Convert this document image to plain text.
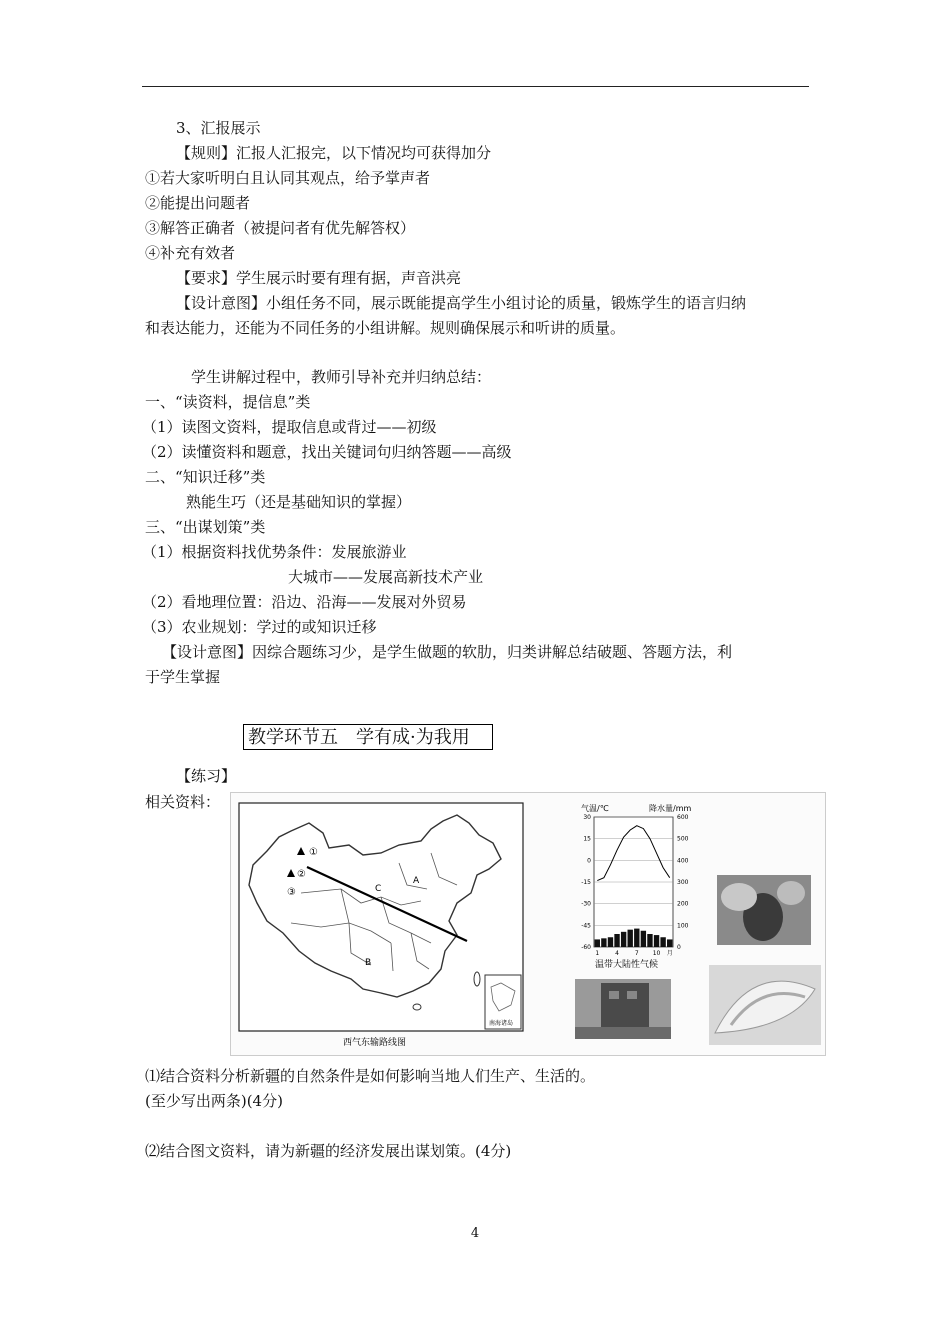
3、汇报展示
【规则】汇报人汇报完，以下情况均可获得加分
①若大家听明白且认同其观点，给予掌声者
②能提出问题者
③解答正确者（被提问者有优先解答权）
④补充有效者
【要求】学生展示时要有理有据，声音洪亮
【设计意图】小组任务不同，展示既能提高学生小组讨论的质量，锻炼学生的语言归纳
和表达能力，还能为不同任务的小组讲解。规则确保展示和听讲的质量。
学生讲解过程中，教师引导补充并归纳总结：
一、“读资料，提信息”类
（1）读图文资料，提取信息或背过——初级
（2）读懂资料和题意，找出关键词句归纳答题——高级
二、“知识迁移”类
熟能生巧（还是基础知识的掌握）
三、“出谋划策”类
（1）根据资料找优势条件：发展旅游业
大城市——发展高新技术产业
（2）看地理位置：沿边、沿海——发展对外贸易
（3）农业规划：学过的或知识迁移
【设计意图】因综合题练习少，是学生做题的软肋，归类讲解总结破题、答题方法，利
于学生掌握
【练习】
相关资料：
⑴结合资料分析新疆的自然条件是如何影响当地人们生产、生活的。
(至少写出两条)(4分)
⑵结合图文资料，请为新疆的经济发展出谋划策。(4分)
教学环节五　学有成·为我用
①
②
③
A
B
C
南海诸岛
西气东输路线图
气温/℃	降水量/mm
30
15
0
-15
-30
-45
-60
600
500
400
300
200
100
0
1	4	7 10 月
温带大陆性气候
4
